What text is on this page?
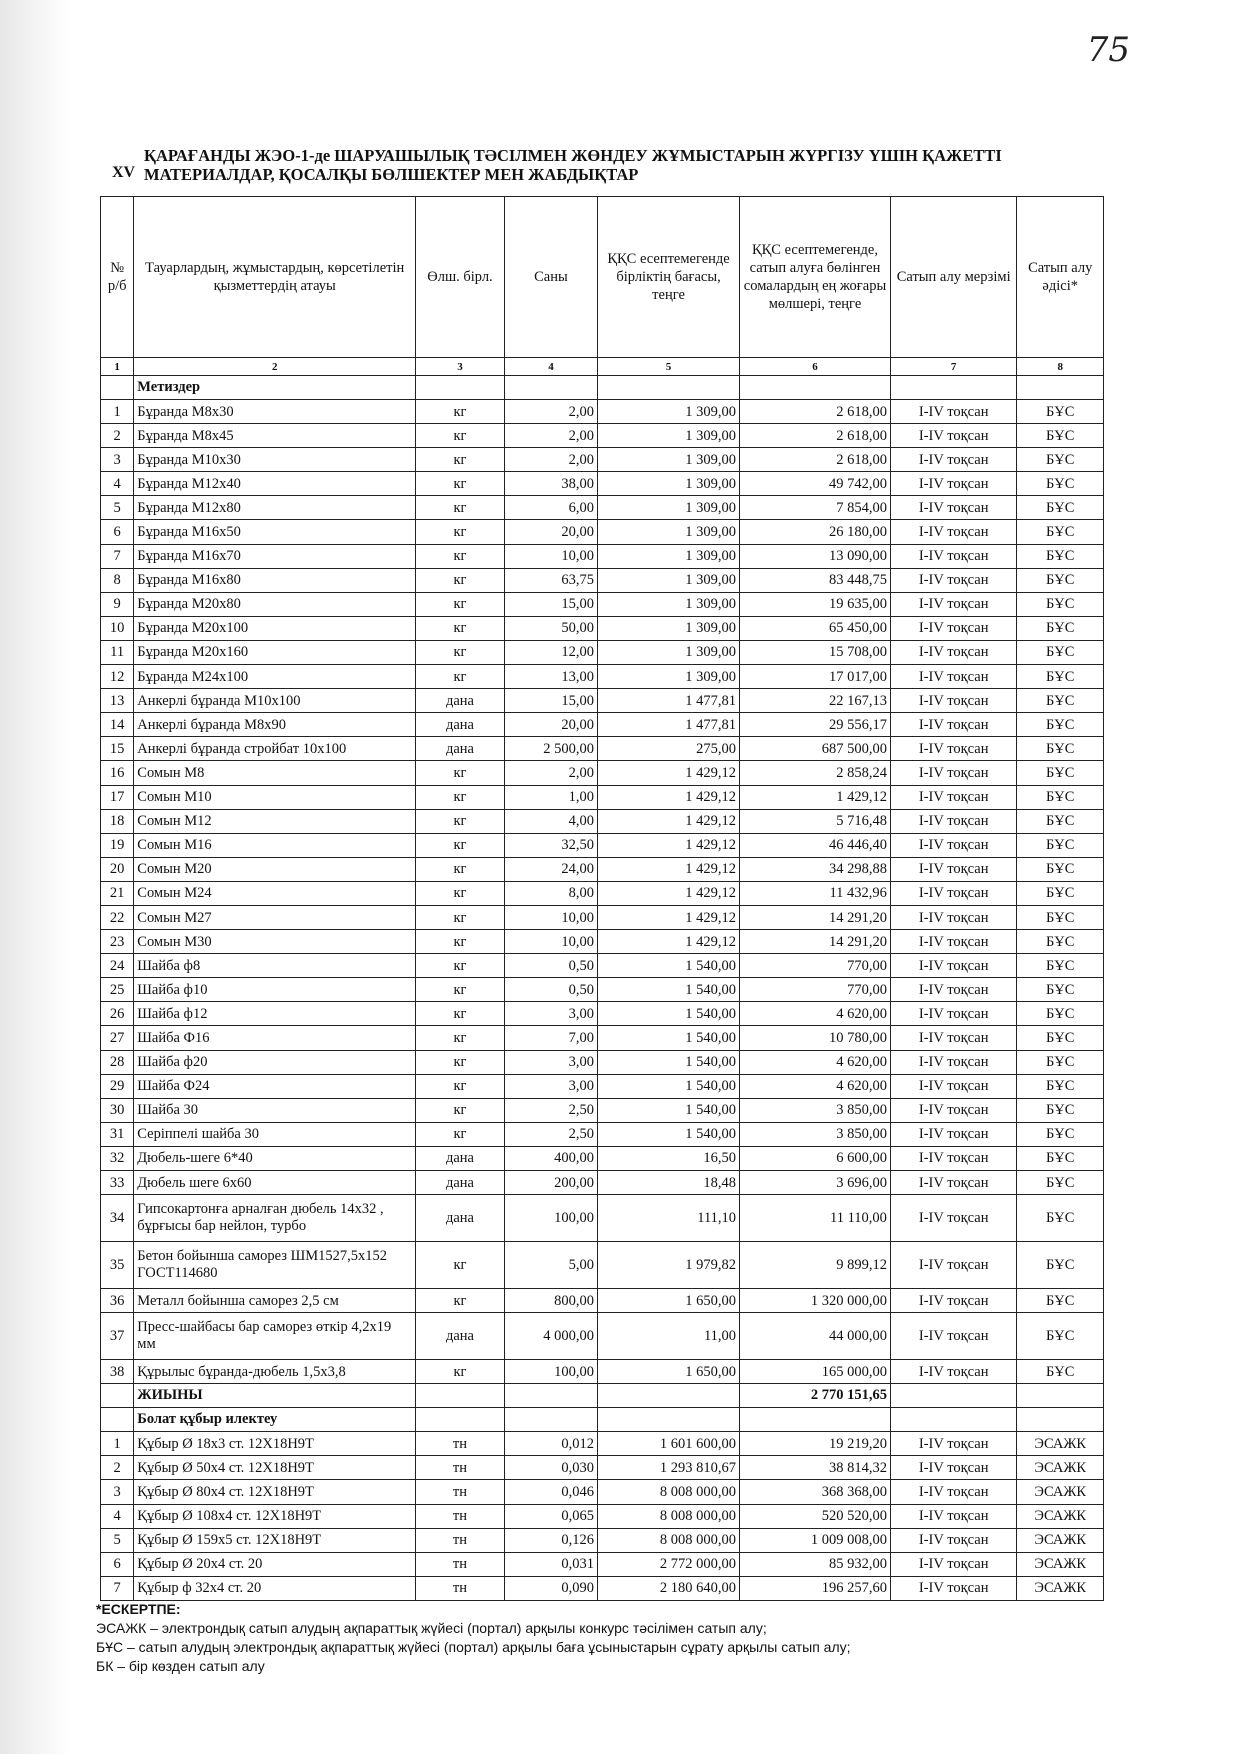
75
XV
ҚАРАҒАНДЫ ЖЭО-1-де ШАРУАШЫЛЫҚ ТӘСІЛМЕН ЖӨНДЕУ ЖҰМЫСТАРЫН ЖҮРГІЗУ ҮШІН ҚАЖЕТТІ МАТЕРИАЛДАР, ҚОСАЛҚЫ БӨЛШЕКТЕР МЕН ЖАБДЫҚТАР
№ р/б	Тауарлардың, жұмыстардың, көрсетілетін қызметтердің атауы	Өлш. бірл.	Саны	ҚҚС есептемегенде бірліктің бағасы, теңге	ҚҚС есептемегенде, сатып алуға бөлінген сомалардың ең жоғары мөлшері, теңге	Сатып алу мерзімі	Сатып алу әдісі*
1	2	3	4	5	6	7	8
	Метиздер						
1	Бұранда М8х30	кг	2,00	1 309,00	2 618,00	I-IV тоқсан	БҰС
2	Бұранда М8х45	кг	2,00	1 309,00	2 618,00	I-IV тоқсан	БҰС
3	Бұранда М10х30	кг	2,00	1 309,00	2 618,00	I-IV тоқсан	БҰС
4	Бұранда М12х40	кг	38,00	1 309,00	49 742,00	I-IV тоқсан	БҰС
5	Бұранда М12х80	кг	6,00	1 309,00	7 854,00	I-IV тоқсан	БҰС
6	Бұранда М16х50	кг	20,00	1 309,00	26 180,00	I-IV тоқсан	БҰС
7	Бұранда М16х70	кг	10,00	1 309,00	13 090,00	I-IV тоқсан	БҰС
8	Бұранда М16х80	кг	63,75	1 309,00	83 448,75	I-IV тоқсан	БҰС
9	Бұранда М20х80	кг	15,00	1 309,00	19 635,00	I-IV тоқсан	БҰС
10	Бұранда М20х100	кг	50,00	1 309,00	65 450,00	I-IV тоқсан	БҰС
11	Бұранда М20х160	кг	12,00	1 309,00	15 708,00	I-IV тоқсан	БҰС
12	Бұранда М24х100	кг	13,00	1 309,00	17 017,00	I-IV тоқсан	БҰС
13	Анкерлі бұранда М10х100	дана	15,00	1 477,81	22 167,13	I-IV тоқсан	БҰС
14	Анкерлі бұранда М8х90	дана	20,00	1 477,81	29 556,17	I-IV тоқсан	БҰС
15	Анкерлі бұранда стройбат 10х100	дана	2 500,00	275,00	687 500,00	I-IV тоқсан	БҰС
16	Сомын М8	кг	2,00	1 429,12	2 858,24	I-IV тоқсан	БҰС
17	Сомын М10	кг	1,00	1 429,12	1 429,12	I-IV тоқсан	БҰС
18	Сомын М12	кг	4,00	1 429,12	5 716,48	I-IV тоқсан	БҰС
19	Сомын М16	кг	32,50	1 429,12	46 446,40	I-IV тоқсан	БҰС
20	Сомын М20	кг	24,00	1 429,12	34 298,88	I-IV тоқсан	БҰС
21	Сомын М24	кг	8,00	1 429,12	11 432,96	I-IV тоқсан	БҰС
22	Сомын М27	кг	10,00	1 429,12	14 291,20	I-IV тоқсан	БҰС
23	Сомын М30	кг	10,00	1 429,12	14 291,20	I-IV тоқсан	БҰС
24	Шайба ф8	кг	0,50	1 540,00	770,00	I-IV тоқсан	БҰС
25	Шайба ф10	кг	0,50	1 540,00	770,00	I-IV тоқсан	БҰС
26	Шайба ф12	кг	3,00	1 540,00	4 620,00	I-IV тоқсан	БҰС
27	Шайба Ф16	кг	7,00	1 540,00	10 780,00	I-IV тоқсан	БҰС
28	Шайба ф20	кг	3,00	1 540,00	4 620,00	I-IV тоқсан	БҰС
29	Шайба Ф24	кг	3,00	1 540,00	4 620,00	I-IV тоқсан	БҰС
30	Шайба 30	кг	2,50	1 540,00	3 850,00	I-IV тоқсан	БҰС
31	Серіппелі шайба 30	кг	2,50	1 540,00	3 850,00	I-IV тоқсан	БҰС
32	Дюбель-шеге 6*40	дана	400,00	16,50	6 600,00	I-IV тоқсан	БҰС
33	Дюбель шеге 6х60	дана	200,00	18,48	3 696,00	I-IV тоқсан	БҰС
34	Гипсокартонға арналған дюбель 14х32 , бұрғысы бар нейлон, турбо	дана	100,00	111,10	11 110,00	I-IV тоқсан	БҰС
35	Бетон бойынша саморез ШМ1527,5х152 ГОСТ114680	кг	5,00	1 979,82	9 899,12	I-IV тоқсан	БҰС
36	Металл бойынша саморез 2,5 см	кг	800,00	1 650,00	1 320 000,00	I-IV тоқсан	БҰС
37	Пресс-шайбасы бар саморез өткір 4,2х19 мм	дана	4 000,00	11,00	44 000,00	I-IV тоқсан	БҰС
38	Құрылыс бұранда-дюбель 1,5х3,8	кг	100,00	1 650,00	165 000,00	I-IV тоқсан	БҰС
	ЖИЫНЫ				2 770 151,65		
	Болат құбыр илектеу						
1	Құбыр Ø 18х3 ст. 12Х18Н9Т	тн	0,012	1 601 600,00	19 219,20	I-IV тоқсан	ЭСАЖК
2	Құбыр Ø 50х4 ст. 12Х18Н9Т	тн	0,030	1 293 810,67	38 814,32	I-IV тоқсан	ЭСАЖК
3	Құбыр Ø 80х4 ст. 12Х18Н9Т	тн	0,046	8 008 000,00	368 368,00	I-IV тоқсан	ЭСАЖК
4	Құбыр Ø 108х4 ст. 12Х18Н9Т	тн	0,065	8 008 000,00	520 520,00	I-IV тоқсан	ЭСАЖК
5	Құбыр Ø 159х5 ст. 12Х18Н9Т	тн	0,126	8 008 000,00	1 009 008,00	I-IV тоқсан	ЭСАЖК
6	Құбыр Ø 20х4 ст. 20	тн	0,031	2 772 000,00	85 932,00	I-IV тоқсан	ЭСАЖК
7	Құбыр ф 32х4 ст. 20	тн	0,090	2 180 640,00	196 257,60	I-IV тоқсан	ЭСАЖК
*ЕСКЕРТПЕ:
ЭСАЖК – электрондық сатып алудың ақпараттық жүйесі (портал) арқылы конкурс тәсілімен сатып алу;
БҰС – сатып алудың электрондық ақпараттық жүйесі (портал) арқылы баға ұсыныстарын сұрату арқылы сатып алу;
БК – бір көзден сатып алу
